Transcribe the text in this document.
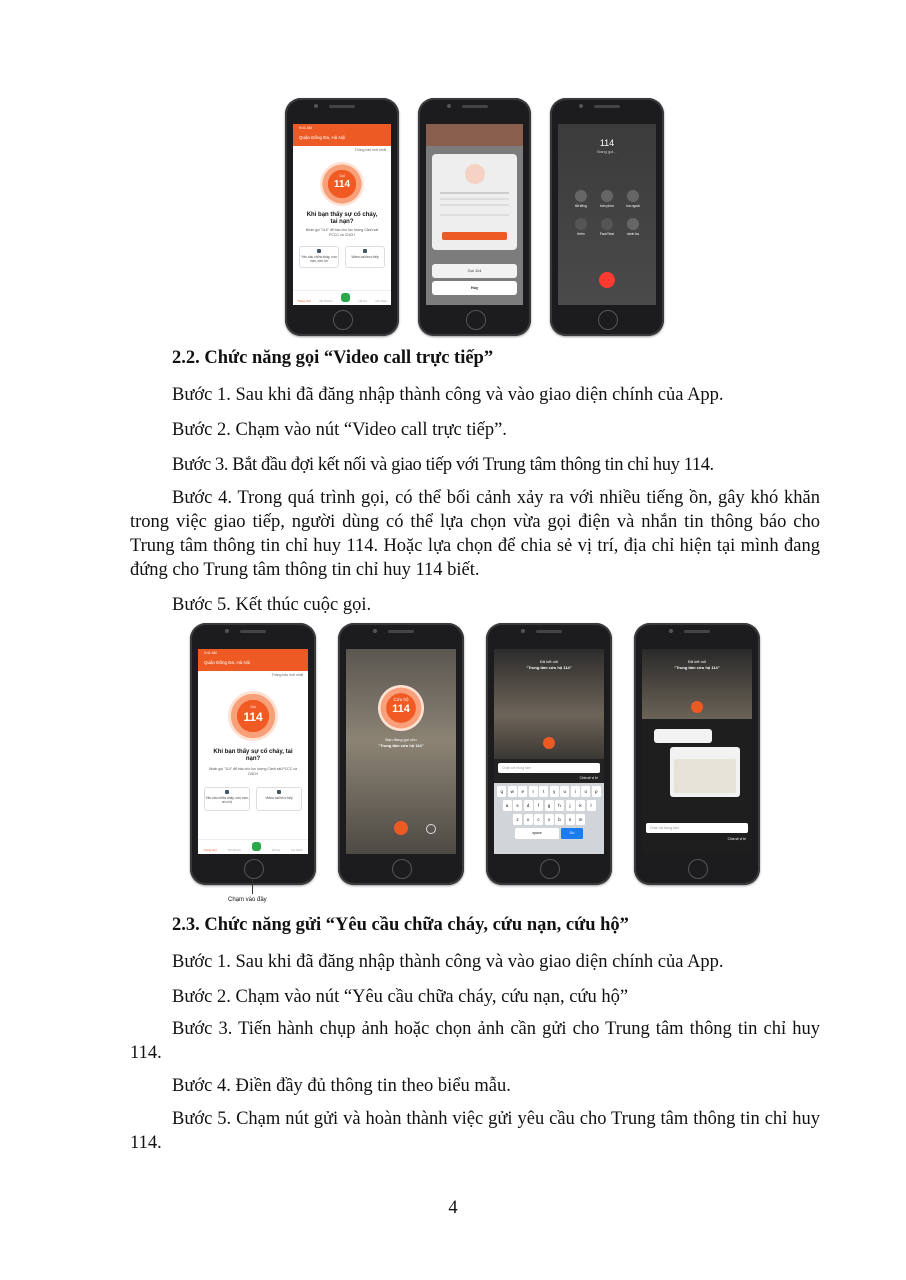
9:41 AM
Quận Đống Đa, Hà Nội
Thông báo mới nhất
Gọi
114
Khi bạn thấy sự cố cháy, tai nạn?
Nhấn gọi "114" để báo cho lực lượng Cảnh sát PCCC và CNCH
Yêu cầu chữa cháy, cứu nạn, cứu hộ
Video call trực tiếp
Trang chủ	Tin PCCC	Hỗ trợ	Cá nhân
Gọi 114
Hủy
114
Đang gọi...
tắt tiếng	bàn phím	loa ngoài
thêm	FaceTime	danh bạ
2.2. Chức năng gọi “Video call trực tiếp”
Bước 1. Sau khi đã đăng nhập thành công và vào giao diện chính của App.
Bước 2. Chạm vào nút “Video call trực tiếp”.
Bước 3. Bắt đầu đợi kết nối và giao tiếp với Trung tâm thông tin chỉ huy 114.
Bước 4. Trong quá trình gọi, có thể bối cảnh xảy ra với nhiều tiếng ồn, gây khó khăn trong việc giao tiếp, người dùng có thể lựa chọn vừa gọi điện và nhắn tin thông báo cho Trung tâm thông tin chỉ huy 114. Hoặc lựa chọn để chia sẻ vị trí, địa chỉ hiện tại mình đang đứng cho Trung tâm thông tin chỉ huy 114 biết.
Bước 5. Kết thúc cuộc gọi.
9:41 AM
Quận Đống Đa, Hà Nội
Thông báo mới nhất
Gọi
114
Khi bạn thấy sự cố cháy, tai nạn?
Nhấn gọi "114" để báo cho lực lượng Cảnh sát PCCC và CNCH
Yêu cầu chữa cháy, cứu nạn, cứu hộ
Video call trực tiếp
Trang chủ	Tin PCCC	Hỗ trợ	Cá nhân
Chạm vào đây
Cứu hộ
114
Bạn đang gọi cho
"Trung tâm cứu hộ 114"
Đã kết nối
"Trung tâm cứu hộ 114"
Chat với trung tâm
Chia sẻ vị trí
q	w	e	r	t	y	u	i	o	p
a	s	d	f	g	h	j	k	l
z	x	c	v	b	n	m
space	Go
Đã kết nối
"Trung tâm cứu hộ 114"
Chat với trung tâm
Chia sẻ vị trí
2.3. Chức năng gửi “Yêu cầu chữa cháy, cứu nạn, cứu hộ”
Bước 1. Sau khi đã đăng nhập thành công và vào giao diện chính của App.
Bước 2. Chạm vào nút “Yêu cầu chữa cháy, cứu nạn, cứu hộ”
Bước 3. Tiến hành chụp ảnh hoặc chọn ảnh cần gửi cho Trung tâm thông tin chỉ huy 114.
Bước 4. Điền đầy đủ thông tin theo biểu mẫu.
Bước 5. Chạm nút gửi và hoàn thành việc gửi yêu cầu cho Trung tâm thông tin chỉ huy 114.
4
